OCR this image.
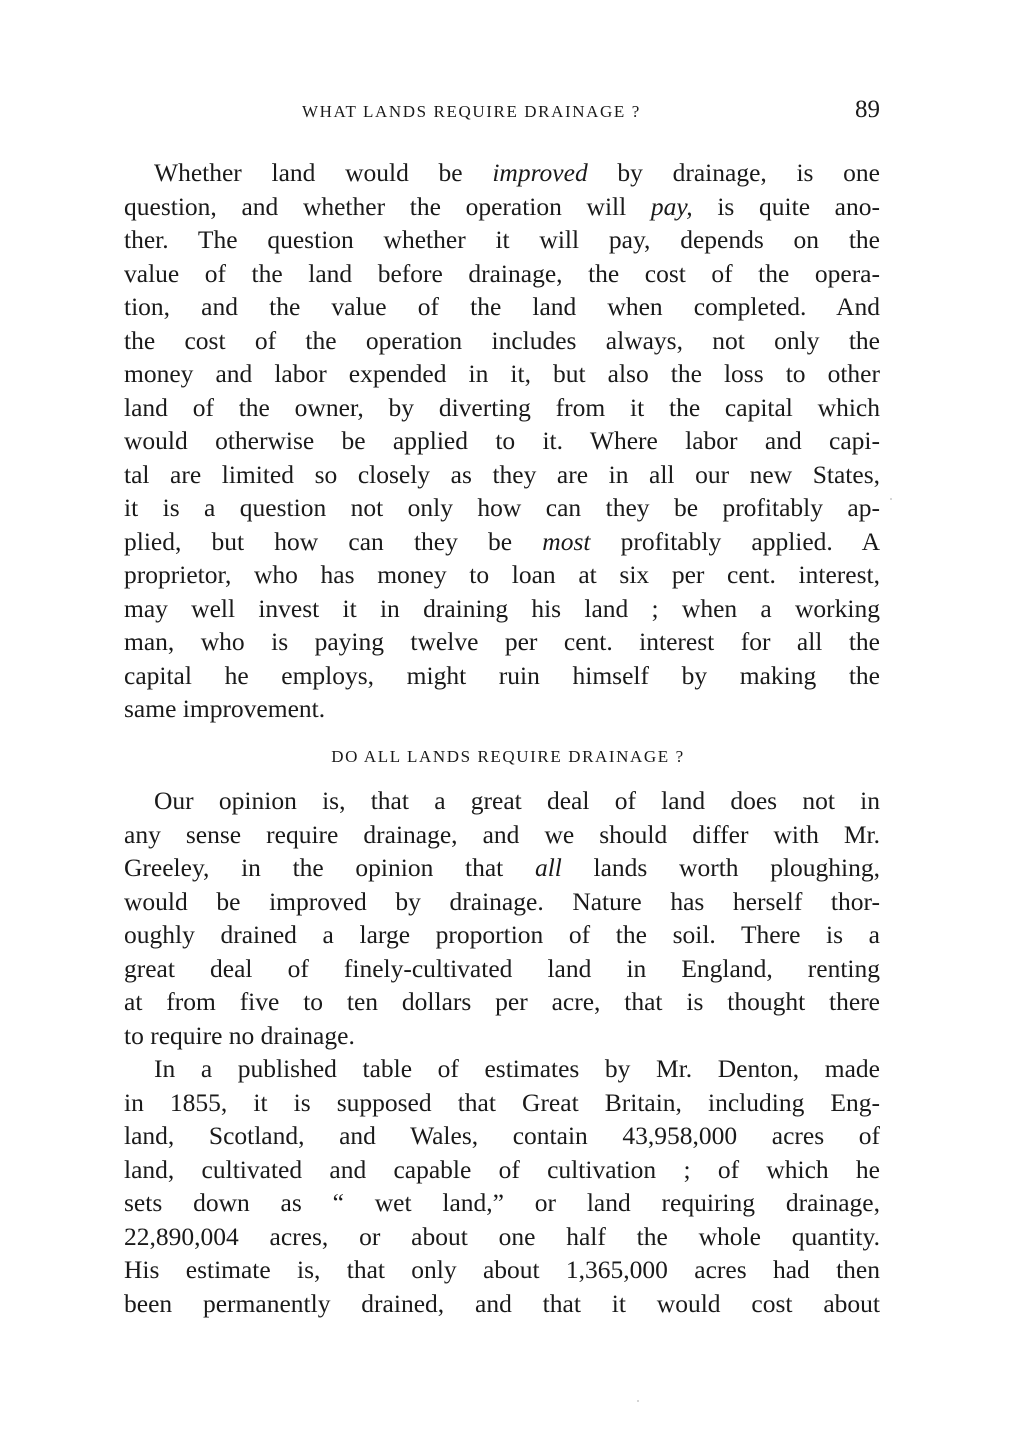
WHAT LANDS REQUIRE DRAINAGE ?	89
Whether land would be improved by drainage, is one
question, and whether the operation will pay, is quite ano-
ther. The question whether it will pay, depends on the
value of the land before drainage, the cost of the opera-
tion, and the value of the land when completed. And
the cost of the operation includes always, not only the
money and labor expended in it, but also the loss to other
land of the owner, by diverting from it the capital which
would otherwise be applied to it. Where labor and capi-
tal are limited so closely as they are in all our new States,
it is a question not only how can they be profitably ap-
plied, but how can they be most profitably applied. A
proprietor, who has money to loan at six per cent. interest,
may well invest it in draining his land ; when a working
man, who is paying twelve per cent. interest for all the
capital he employs, might ruin himself by making the
same improvement.
DO ALL LANDS REQUIRE DRAINAGE ?
Our opinion is, that a great deal of land does not in
any sense require drainage, and we should differ with Mr.
Greeley, in the opinion that all lands worth ploughing,
would be improved by drainage. Nature has herself thor-
oughly drained a large proportion of the soil. There is a
great deal of finely-cultivated land in England, renting
at from five to ten dollars per acre, that is thought there
to require no drainage.
In a published table of estimates by Mr. Denton, made
in 1855, it is supposed that Great Britain, including Eng-
land, Scotland, and Wales, contain 43,958,000 acres of
land, cultivated and capable of cultivation ; of which he
sets down as “ wet land,” or land requiring drainage,
22,890,004 acres, or about one half the whole quantity.
His estimate is, that only about 1,365,000 acres had then
been permanently drained, and that it would cost about
